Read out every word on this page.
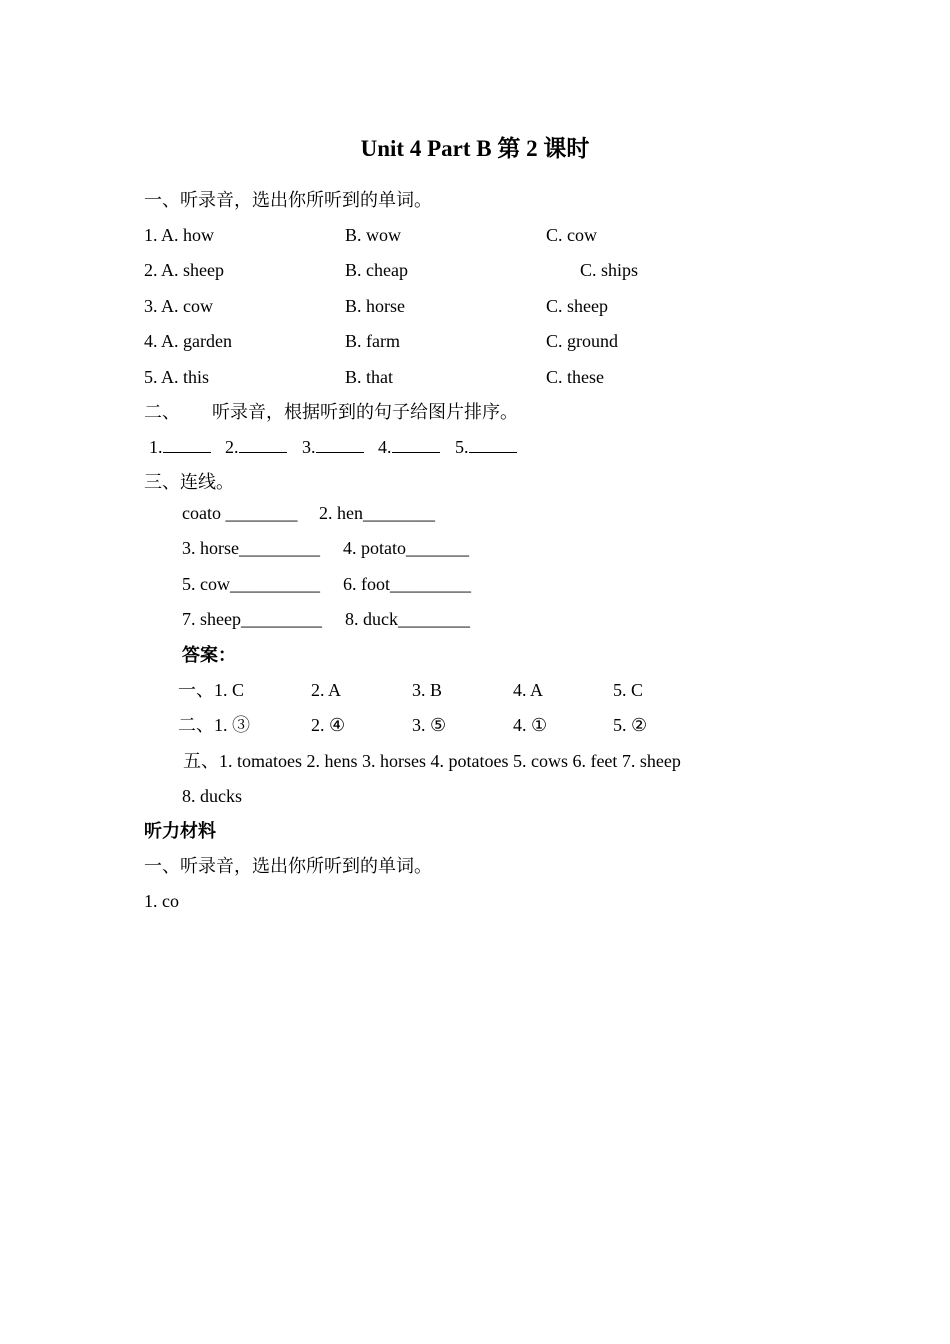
Unit 4 Part B 第 2 课时
一、听录音，选出你所听到的单词。
1. A. how	B. wow	C. cow
2. A. sheep	B. cheap	C. ships
3. A. cow	B. horse	C. sheep
4. A. garden	B. farm	C. ground
5. A. this	B. that	C. these
二、 听录音，根据听到的句子给图片排序。
1.	2.	3.	4.	5.
三、连线。
coato ________ 2. hen________
3. horse_________ 4. potato_______
5. cow__________ 6. foot_________
7. sheep_________ 8. duck________
答案：
一、1. C	2. A	3. B	4. A	5. C
二、1. ③	2. ④	3. ⑤	4. ①	5. ②
五、1. tomatoes 2. hens 3. horses 4. potatoes 5. cows 6. feet 7. sheep
8. ducks
听力材料
一、听录音，选出你所听到的单词。
1. co
